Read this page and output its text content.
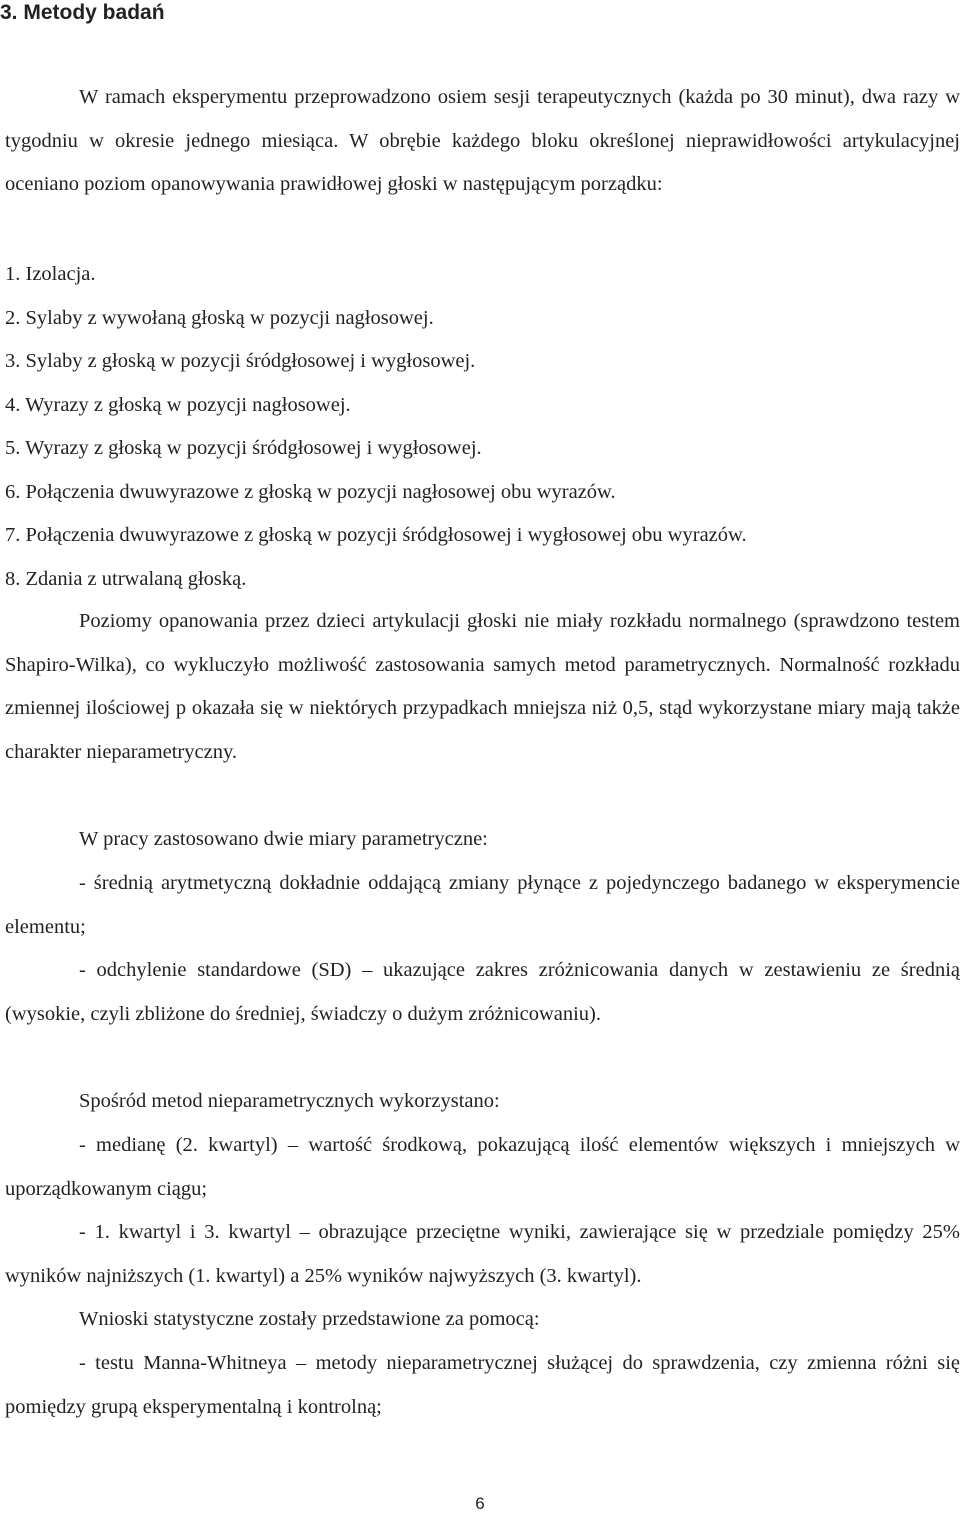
3. Metody badań

W ramach eksperymentu przeprowadzono osiem sesji terapeutycznych (każda po 30 minut), dwa razy w tygodniu w okresie jednego miesiąca. W obrębie każdego bloku określonej nieprawidłowości artykulacyjnej oceniano poziom opanowywania prawidłowej głoski w następującym porządku:

1. Izolacja.
2. Sylaby z wywołaną głoską w pozycji nagłosowej.
3. Sylaby z głoską w pozycji śródgłosowej i wygłosowej.
4. Wyrazy z głoską w pozycji nagłosowej.
5. Wyrazy z głoską w pozycji śródgłosowej i wygłosowej.
6. Połączenia dwuwyrazowe z głoską w pozycji nagłosowej obu wyrazów.
7. Połączenia dwuwyrazowe z głoską w pozycji śródgłosowej i wygłosowej obu wyrazów.
8. Zdania z utrwalaną głoską.

Poziomy opanowania przez dzieci artykulacji głoski nie miały rozkładu normalnego (sprawdzono testem Shapiro-Wilka), co wykluczyło możliwość zastosowania samych metod parametrycznych. Normalność rozkładu zmiennej ilościowej p okazała się w niektórych przypadkach mniejsza niż 0,5, stąd wykorzystane miary mają także charakter nieparametryczny.

W pracy zastosowano dwie miary parametryczne:

- średnią arytmetyczną dokładnie oddającą zmiany płynące z pojedynczego badanego w eksperymencie elementu;

- odchylenie standardowe (SD) – ukazujące zakres zróżnicowania danych w zestawieniu ze średnią (wysokie, czyli zbliżone do średniej, świadczy o dużym zróżnicowaniu).

Spośród metod nieparametrycznych wykorzystano:

- medianę (2. kwartyl) – wartość środkową, pokazującą ilość elementów większych i mniejszych w uporządkowanym ciągu;

- 1. kwartyl i 3. kwartyl – obrazujące przeciętne wyniki, zawierające się w przedziale pomiędzy 25% wyników najniższych (1. kwartyl) a 25% wyników najwyższych (3. kwartyl).

Wnioski statystyczne zostały przedstawione za pomocą:

- testu Manna-Whitneya – metody nieparametrycznej służącej do sprawdzenia, czy zmienna różni się pomiędzy grupą eksperymentalną i kontrolną;

6
